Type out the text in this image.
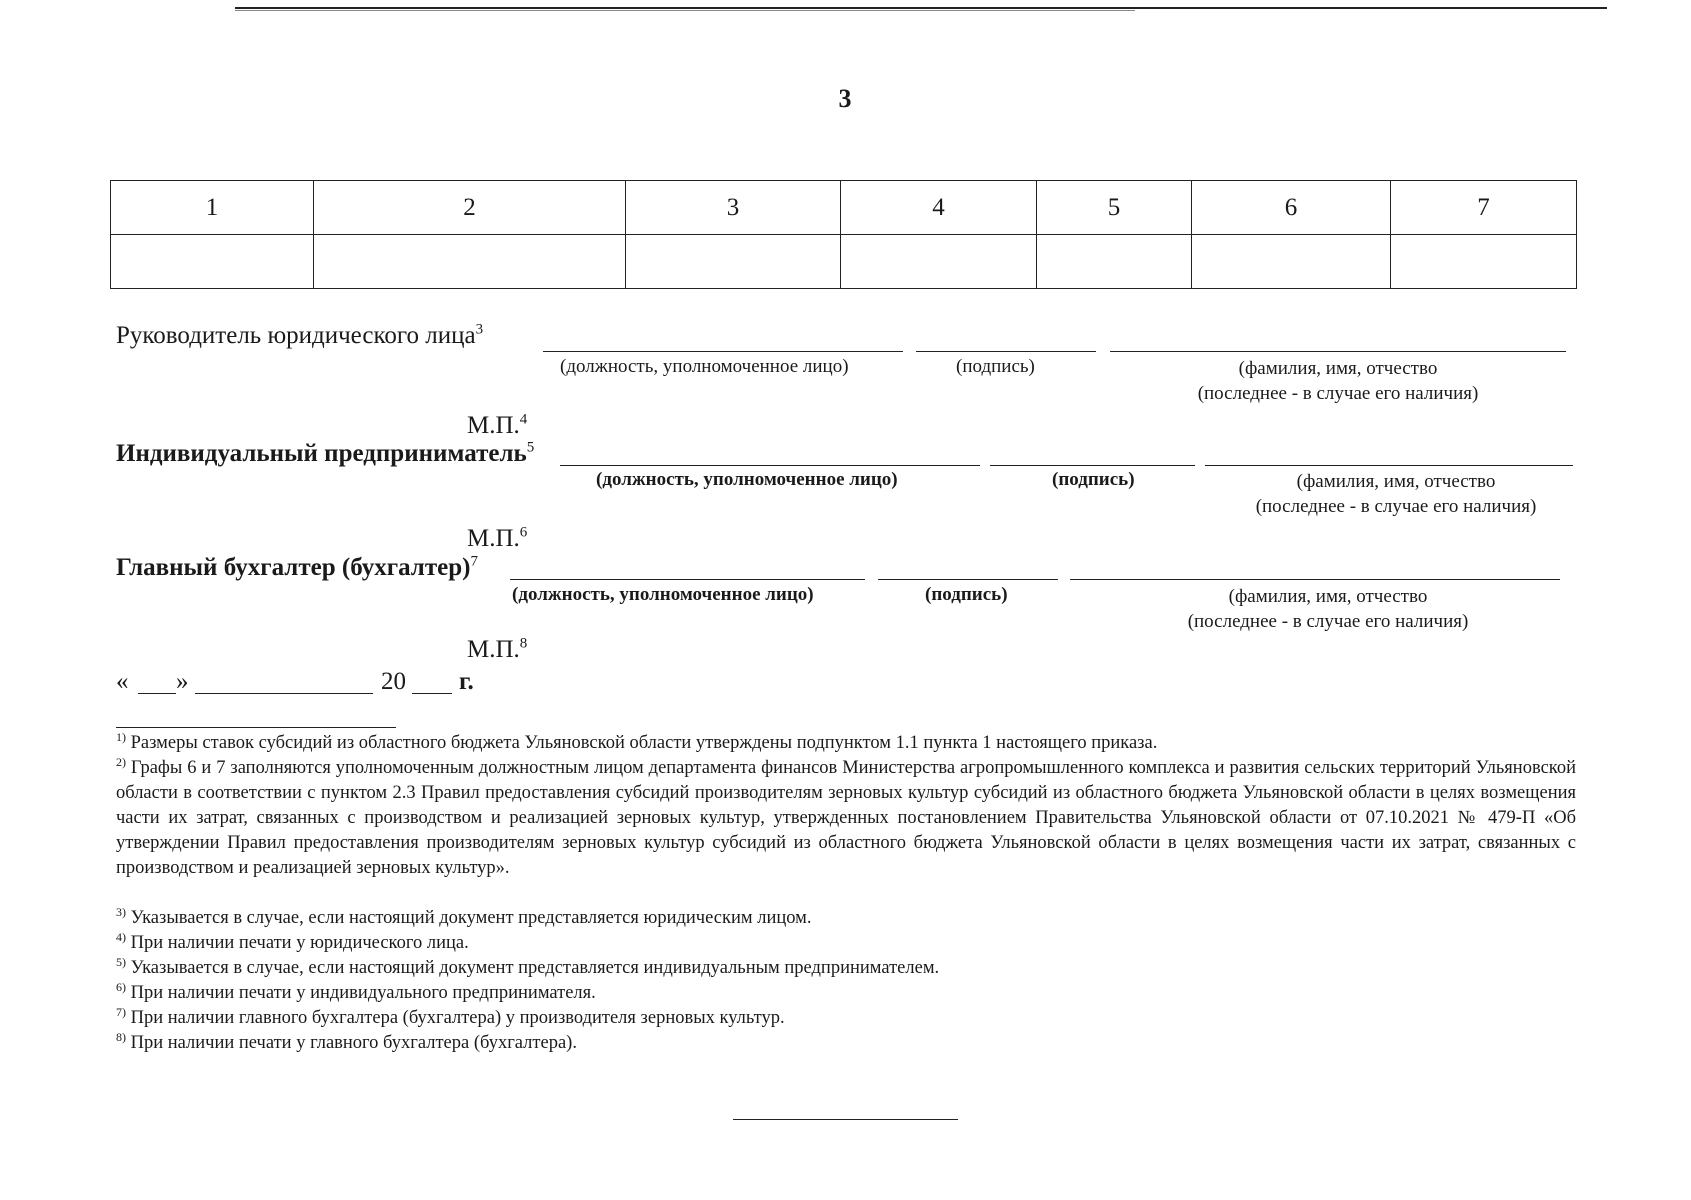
3
1	2	3	4	5	6	7

Руководитель юридического лица$^3$
(должность, уполномоченное лицо)	(подпись)	(фамилия, имя, отчество
(последнее - в случае его наличия)
М.П.$^4$
Индивидуальный предприниматель$^5$
(должность, уполномоченное лицо)	(подпись)	(фамилия, имя, отчество
(последнее - в случае его наличия)
М.П.$^6$
Главный бухгалтер (бухгалтер)$^7$
(должность, уполномоченное лицо)	(подпись)	(фамилия, имя, отчество
(последнее - в случае его наличия)
М.П.$^8$
« »	20 г.
$^{1)}$ Размеры ставок субсидий из областного бюджета Ульяновской области утверждены подпунктом 1.1 пункта 1 настоящего приказа.
$^{2)}$ Графы 6 и 7 заполняются уполномоченным должностным лицом департамента финансов Министерства агропромышленного комплекса и развития сельских территорий Ульяновской области в соответствии с пунктом 2.3 Правил предоставления субсидий производителям зерновых культур субсидий из областного бюджета Ульяновской области в целях возмещения части их затрат, связанных с производством и реализацией зерновых культур, утвержденных постановлением Правительства Ульяновской области от 07.10.2021 № 479-П «Об утверждении Правил предоставления производителям зерновых культур субсидий из областного бюджета Ульяновской области в целях возмещения части их затрат, связанных с производством и реализацией зерновых культур».
$^{3)}$ Указывается в случае, если настоящий документ представляется юридическим лицом.
$^{4)}$ При наличии печати у юридического лица.
$^{5)}$ Указывается в случае, если настоящий документ представляется индивидуальным предпринимателем.
$^{6)}$ При наличии печати у индивидуального предпринимателя.
$^{7)}$ При наличии главного бухгалтера (бухгалтера) у производителя зерновых культур.
$^{8)}$ При наличии печати у главного бухгалтера (бухгалтера).
